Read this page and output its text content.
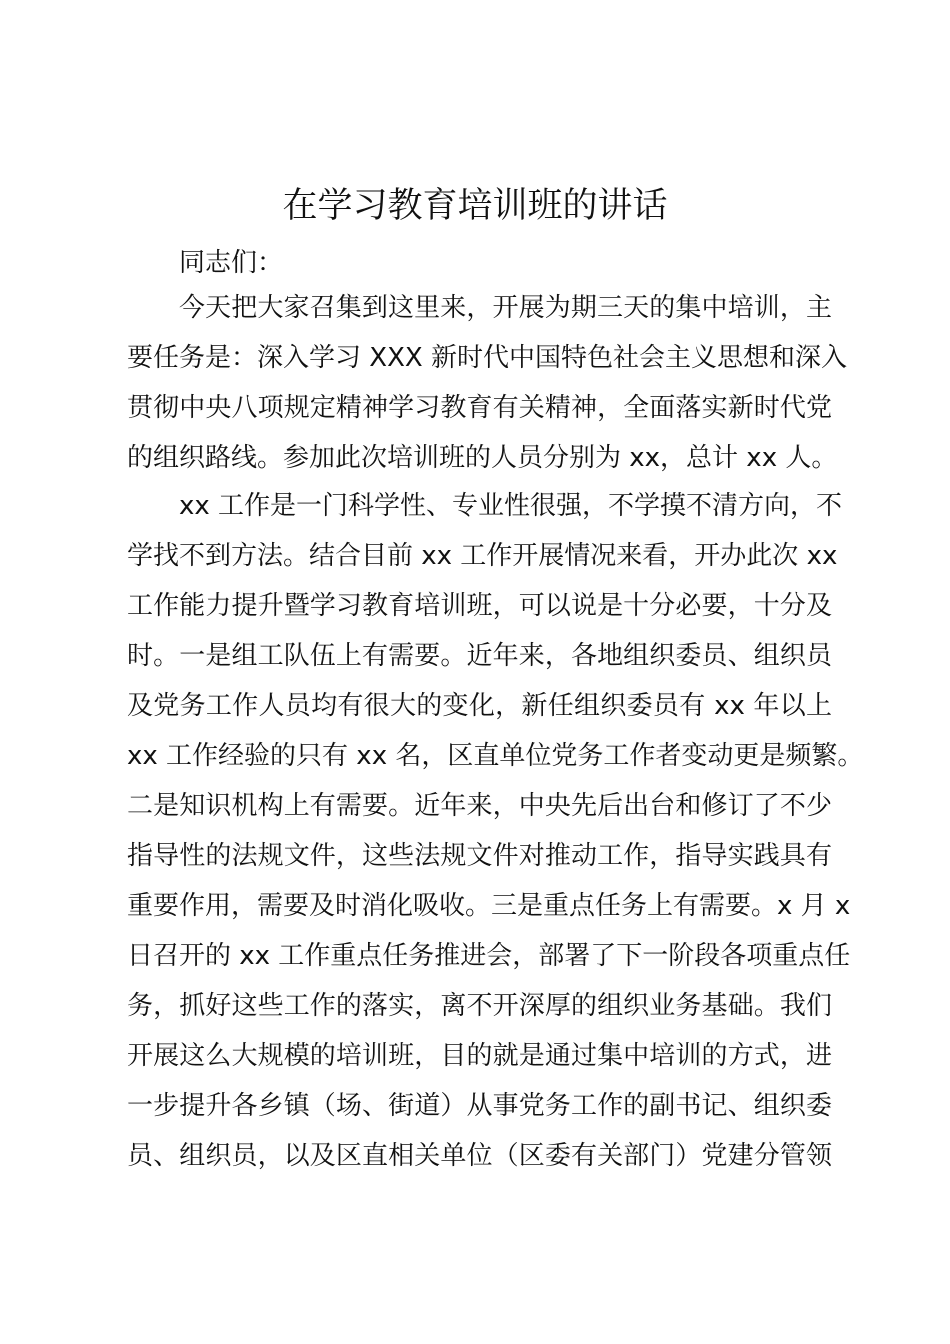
在学习教育培训班的讲话

同志们：

今天把大家召集到这里来，开展为期三天的集中培训，主
要任务是：深入学习 XXX 新时代中国特色社会主义思想和深入
贯彻中央八项规定精神学习教育有关精神，全面落实新时代党
的组织路线。参加此次培训班的人员分别为 xx，总计 xx 人。

xx 工作是一门科学性、专业性很强，不学摸不清方向，不
学找不到方法。结合目前 xx 工作开展情况来看，开办此次 xx
工作能力提升暨学习教育培训班，可以说是十分必要，十分及
时。一是组工队伍上有需要。近年来，各地组织委员、组织员
及党务工作人员均有很大的变化，新任组织委员有 xx 年以上
xx 工作经验的只有 xx 名，区直单位党务工作者变动更是频繁。
二是知识机构上有需要。近年来，中央先后出台和修订了不少
指导性的法规文件，这些法规文件对推动工作，指导实践具有
重要作用，需要及时消化吸收。三是重点任务上有需要。x 月 x
日召开的 xx 工作重点任务推进会，部署了下一阶段各项重点任
务，抓好这些工作的落实，离不开深厚的组织业务基础。我们
开展这么大规模的培训班，目的就是通过集中培训的方式，进
一步提升各乡镇（场、街道）从事党务工作的副书记、组织委
员、组织员，以及区直相关单位（区委有关部门）党建分管领
